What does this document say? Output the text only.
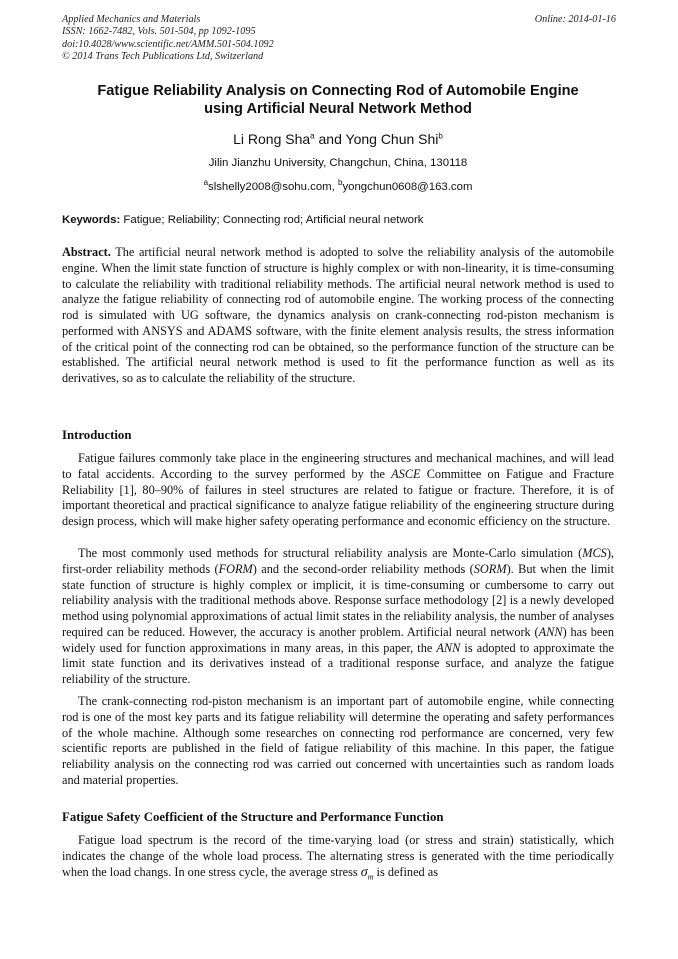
Applied Mechanics and Materials
ISSN: 1662-7482, Vols. 501-504, pp 1092-1095
doi:10.4028/www.scientific.net/AMM.501-504.1092
© 2014 Trans Tech Publications Ltd, Switzerland
Online: 2014-01-16
Fatigue Reliability Analysis on Connecting Rod of Automobile Engine
using Artificial Neural Network Method
Li Rong Sha$^a$ and Yong Chun Shi$^b$
Jilin Jianzhu University, Changchun, China, 130118
$^a$slshelly2008@sohu.com, $^b$yongchun0608@163.com
Keywords: Fatigue; Reliability; Connecting rod; Artificial neural network
Abstract. The artificial neural network method is adopted to solve the reliability analysis of the automobile engine. When the limit state function of structure is highly complex or with non-linearity, it is time-consuming to calculate the reliability with traditional reliability methods. The artificial neural network method is used to analyze the fatigue reliability of connecting rod of automobile engine. The working process of the connecting rod is simulated with UG software, the dynamics analysis on crank-connecting rod-piston mechanism is performed with ANSYS and ADAMS software, with the finite element analysis results, the stress information of the critical point of the connecting rod can be obtained, so the performance function of the structure can be established. The artificial neural network method is used to fit the performance function as well as its derivatives, so as to calculate the reliability of the structure.
Introduction
Fatigue failures commonly take place in the engineering structures and mechanical machines, and will lead to fatal accidents. According to the survey performed by the ASCE Committee on Fatigue and Fracture Reliability [1], 80–90% of failures in steel structures are related to fatigue or fracture. Therefore, it is of important theoretical and practical significance to analyze fatigue reliability of the engineering structure during design process, which will make higher safety operating performance and economic efficiency on the structure.
The most commonly used methods for structural reliability analysis are Monte-Carlo simulation (MCS), first-order reliability methods (FORM) and the second-order reliability methods (SORM). But when the limit state function of structure is highly complex or implicit, it is time-consuming or cumbersome to carry out reliability analysis with the traditional methods above. Response surface methodology [2] is a newly developed method using polynomial approximations of actual limit states in the reliability analysis, the number of analyses required can be reduced. However, the accuracy is another problem. Artificial neural network (ANN) has been widely used for function approximations in many areas, in this paper, the ANN is adopted to approximate the limit state function and its derivatives instead of a traditional response surface, and analyze the fatigue reliability of the structure.
The crank-connecting rod-piston mechanism is an important part of automobile engine, while connecting rod is one of the most key parts and its fatigue reliability will determine the operating and safety performances of the whole machine. Although some researches on connecting rod performance are concerned, very few scientific reports are published in the field of fatigue reliability of this machine. In this paper, the fatigue reliability analysis on the connecting rod was carried out concerned with uncertainties such as random loads and material properties.
Fatigue Safety Coefficient of the Structure and Performance Function
Fatigue load spectrum is the record of the time-varying load (or stress and strain) statistically, which indicates the change of the whole load process. The alternating stress is generated with the time periodically when the load changs. In one stress cycle, the average stress $\sigma_m$ is defined as
